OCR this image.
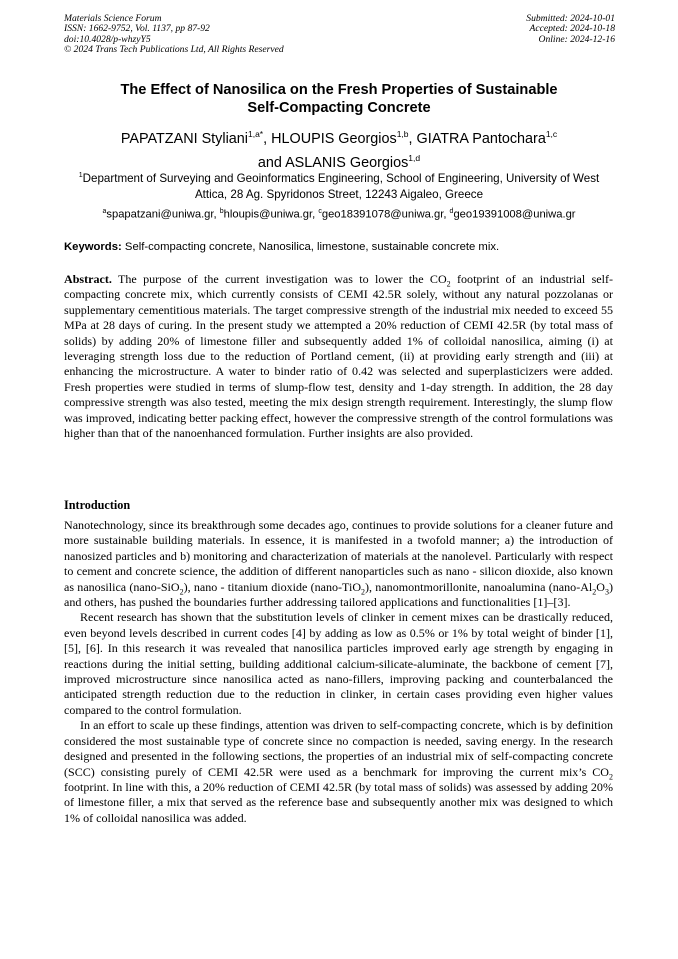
Materials Science Forum
ISSN: 1662-9752, Vol. 1137, pp 87-92
doi:10.4028/p-whzyY5
© 2024 Trans Tech Publications Ltd, All Rights Reserved
Submitted: 2024-10-01
Accepted: 2024-10-18
Online: 2024-12-16
The Effect of Nanosilica on the Fresh Properties of Sustainable
Self-Compacting Concrete
PAPATZANI Styliani$^{1,a*}$, HLOUPIS Georgios$^{1,b}$, GIATRA Pantochara$^{1,c}$
and ASLANIS Georgios$^{1,d}$
$^1$Department of Surveying and Geoinformatics Engineering, School of Engineering, University of West Attica, 28 Ag. Spyridonos Street, 12243 Aigaleo, Greece
$^a$spapatzani@uniwa.gr, $^b$hloupis@uniwa.gr, $^c$geo18391078@uniwa.gr, $^d$geo19391008@uniwa.gr
Keywords: Self-compacting concrete, Nanosilica, limestone, sustainable concrete mix.

Abstract. The purpose of the current investigation was to lower the $CO_2$ footprint of an industrial self-compacting concrete mix, which currently consists of CEMI 42.5R solely, without any natural pozzolanas or supplementary cementitious materials. The target compressive strength of the industrial mix needed to exceed 55 MPa at 28 days of curing. In the present study we attempted a 20% reduction of CEMI 42.5R (by total mass of solids) by adding 20% of limestone filler and subsequently added 1% of colloidal nanosilica, aiming (i) at leveraging strength loss due to the reduction of Portland cement, (ii) at providing early strength and (iii) at enhancing the microstructure. A water to binder ratio of 0.42 was selected and superplasticizers were added. Fresh properties were studied in terms of slump-flow test, density and 1-day strength. In addition, the 28 day compressive strength was also tested, meeting the mix design strength requirement. Interestingly, the slump flow was improved, indicating better packing effect, however the compressive strength of the control formulations was higher than that of the nanoenhanced formulation. Further insights are also provided.

Introduction

Nanotechnology, since its breakthrough some decades ago, continues to provide solutions for a cleaner future and more sustainable building materials. In essence, it is manifested in a twofold manner; a) the introduction of nanosized particles and b) monitoring and characterization of materials at the nanolevel. Particularly with respect to cement and concrete science, the addition of different nanoparticles such as nano - silicon dioxide, also known as nanosilica (nano-SiO$_2$), nano - titanium dioxide (nano-TiO$_2$), nanomontmorillonite, nanoalumina $(nano-Al_2O_3)$ and others, has pushed the boundaries further addressing tailored applications and functionalities [1]–[3].

Recent research has shown that the substitution levels of clinker in cement mixes can be drastically reduced, even beyond levels described in current codes [4] by adding as low as 0.5% or 1% by total weight of binder [1], [5], [6]. In this research it was revealed that nanosilica particles improved early age strength by engaging in reactions during the initial setting, building additional calcium-silicate-aluminate, the backbone of cement [7], improved microstructure since nanosilica acted as nano-fillers, improving packing and counterbalanced the anticipated strength reduction due to the reduction in clinker, in certain cases providing even higher values compared to the control formulation.

In an effort to scale up these findings, attention was driven to self-compacting concrete, which is by definition considered the most sustainable type of concrete since no compaction is needed, saving energy. In the research designed and presented in the following sections, the properties of an industrial mix of self-compacting concrete (SCC) consisting purely of CEMI 42.5R were used as a benchmark for improving the current mix’s $CO_2$ footprint. In line with this, a 20% reduction of CEMI 42.5R (by total mass of solids) was assessed by adding 20% of limestone filler, a mix that served as the reference base and subsequently another mix was designed to which 1% of colloidal nanosilica was added.
